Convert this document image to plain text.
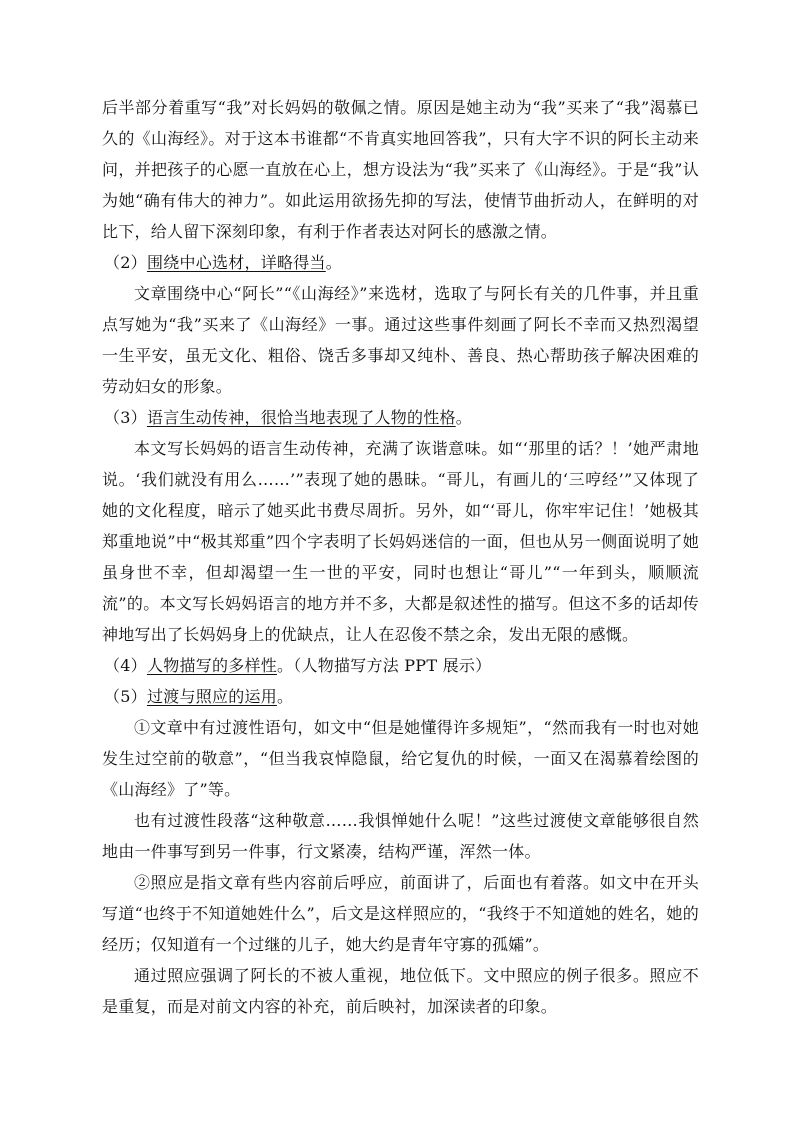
后半部分着重写“我”对长妈妈的敬佩之情。原因是她主动为“我”买来了“我”渴慕已久的《山海经》。对于这本书谁都“不肯真实地回答我”，只有大字不识的阿长主动来问，并把孩子的心愿一直放在心上，想方设法为“我”买来了《山海经》。于是“我”认为她“确有伟大的神力”。如此运用欲扬先抑的写法，使情节曲折动人，在鲜明的对比下，给人留下深刻印象，有利于作者表达对阿长的感激之情。

（2）围绕中心选材，详略得当。

文章围绕中心“阿长”“《山海经》”来选材，选取了与阿长有关的几件事，并且重点写她为“我”买来了《山海经》一事。通过这些事件刻画了阿长不幸而又热烈渴望一生平安，虽无文化、粗俗、饶舌多事却又纯朴、善良、热心帮助孩子解决困难的劳动妇女的形象。

（3）语言生动传神，很恰当地表现了人物的性格。

本文写长妈妈的语言生动传神，充满了诙谐意味。如“‘那里的话？！’她严肃地说。‘我们就没有用么……’”表现了她的愚昧。“哥儿，有画儿的‘三哼经’”又体现了她的文化程度，暗示了她买此书费尽周折。另外，如“‘哥儿，你牢牢记住！’她极其郑重地说”中“极其郑重”四个字表明了长妈妈迷信的一面，但也从另一侧面说明了她虽身世不幸，但却渴望一生一世的平安，同时也想让“哥儿”“一年到头，顺顺流流”的。本文写长妈妈语言的地方并不多，大都是叙述性的描写。但这不多的话却传神地写出了长妈妈身上的优缺点，让人在忍俊不禁之余，发出无限的感慨。

（4）人物描写的多样性。（人物描写方法 PPT 展示）

（5）过渡与照应的运用。

①文章中有过渡性语句，如文中“但是她懂得许多规矩”，“然而我有一时也对她发生过空前的敬意”，“但当我哀悼隐鼠，给它复仇的时候，一面又在渴慕着绘图的《山海经》了”等。

也有过渡性段落“这种敬意……我惧惮她什么呢！”这些过渡使文章能够很自然地由一件事写到另一件事，行文紧凑，结构严谨，浑然一体。

②照应是指文章有些内容前后呼应，前面讲了，后面也有着落。如文中在开头写道“也终于不知道她姓什么”，后文是这样照应的，“我终于不知道她的姓名，她的经历；仅知道有一个过继的儿子，她大约是青年守寡的孤孀”。

通过照应强调了阿长的不被人重视，地位低下。文中照应的例子很多。照应不是重复，而是对前文内容的补充，前后映衬，加深读者的印象。
